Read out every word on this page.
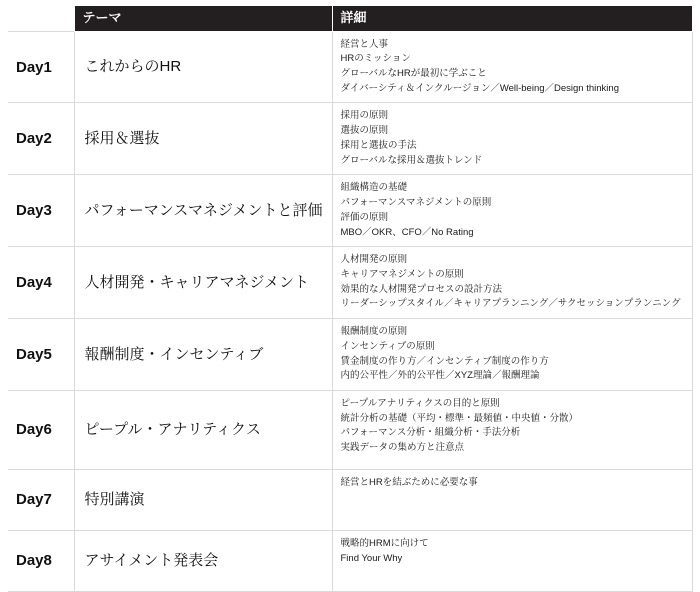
	テーマ	詳細
Day1	これからのHR	経営と人事
HRのミッション
グローバルなHRが最初に学ぶこと
ダイバーシティ＆インクルージョン／Well-being／Design thinking

Day2	採用＆選抜	採用の原則
選抜の原則
採用と選抜の手法
グローバルな採用＆選抜トレンド

Day3	パフォーマンスマネジメントと評価	組織構造の基礎
パフォーマンスマネジメントの原則
評価の原則
MBO／OKR、CFO／No Rating

Day4	人材開発・キャリアマネジメント	人材開発の原則
キャリアマネジメントの原則
効果的な人材開発プロセスの設計方法
リーダーシップスタイル／キャリアプランニング／サクセッションプランニング

Day5	報酬制度・インセンティブ	報酬制度の原則
インセンティブの原則
賃金制度の作り方／インセンティブ制度の作り方
内的公平性／外的公平性／XYZ理論／報酬理論

Day6	ピープル・アナリティクス	ピープルアナリティクスの目的と原則
統計分析の基礎（平均・標準・最頻値・中央値・分散）
パフォーマンス分析・組織分析・手法分析
実践データの集め方と注意点

Day7	特別講演	経営とHRを結ぶために必要な事

Day8	アサイメント発表会	戦略的HRMに向けて
Find Your Why
